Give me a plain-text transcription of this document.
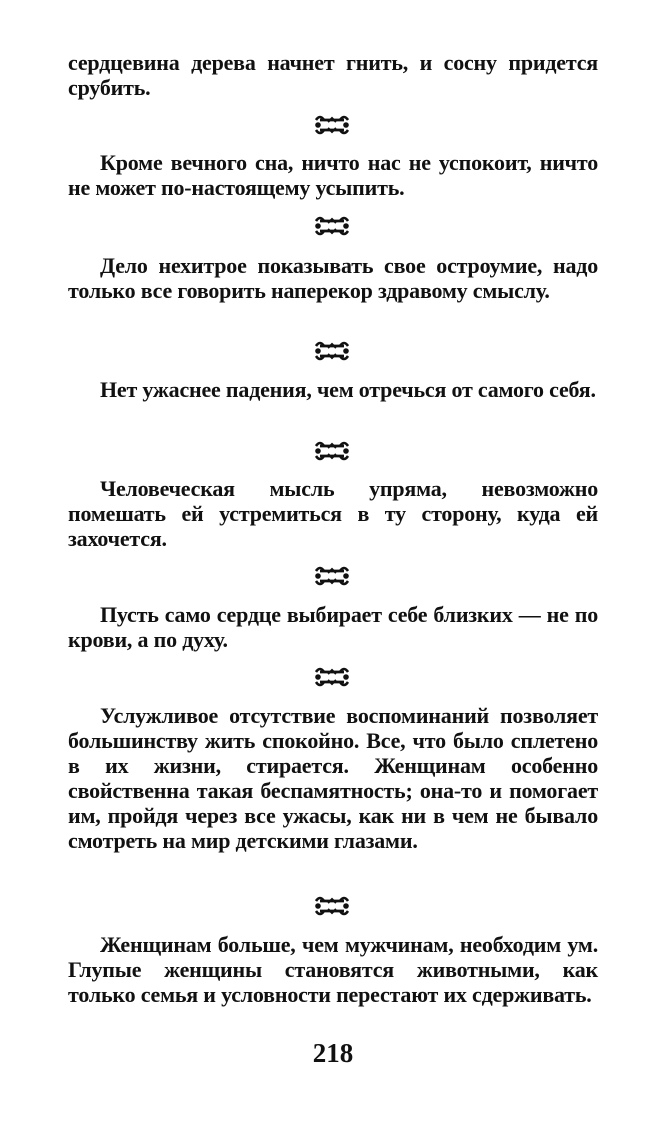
сердцевина дерева начнет гнить, и сосну придется срубить.

Кроме вечного сна, ничто нас не успокоит, ничто не может по-настоящему усыпить.

Дело нехитрое показывать свое остроумие, надо только все говорить наперекор здравому смыслу.

Нет ужаснее падения, чем отречься от самого себя.

Человеческая мысль упряма, невозможно помешать ей устремиться в ту сторону, куда ей захочется.

Пусть само сердце выбирает себе близких — не по крови, а по духу.

Услужливое отсутствие воспоминаний позволяет большинству жить спокойно. Все, что было сплетено в их жизни, стирается. Женщинам особенно свойственна такая беспамятность; она-то и помогает им, пройдя через все ужасы, как ни в чем не бывало смотреть на мир детскими глазами.

Женщинам больше, чем мужчинам, необходим ум. Глупые женщины становятся животными, как только семья и условности перестают их сдерживать.

218
